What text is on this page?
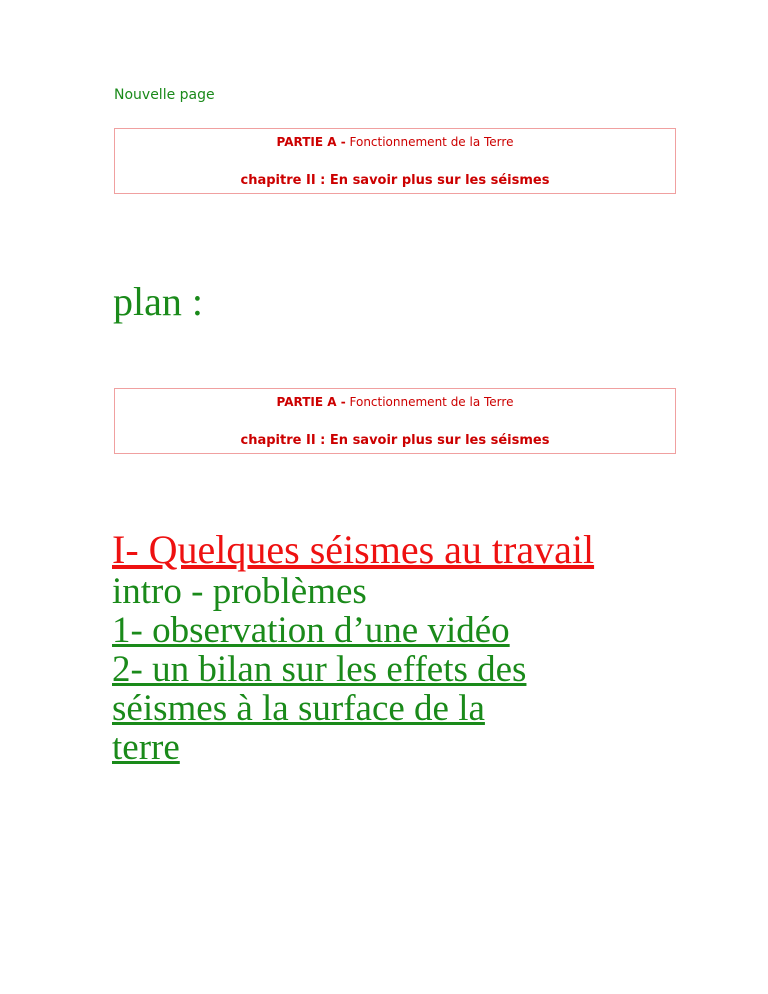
Nouvelle page
PARTIE A - Fonctionnement de la Terre
chapitre II : En savoir plus sur les séismes
plan :
PARTIE A - Fonctionnement de la Terre
chapitre II : En savoir plus sur les séismes
I- Quelques séismes au travail
intro - problèmes
1- observation d’une vidéo
2- un bilan sur les effets des
séismes à la surface de la
terre
